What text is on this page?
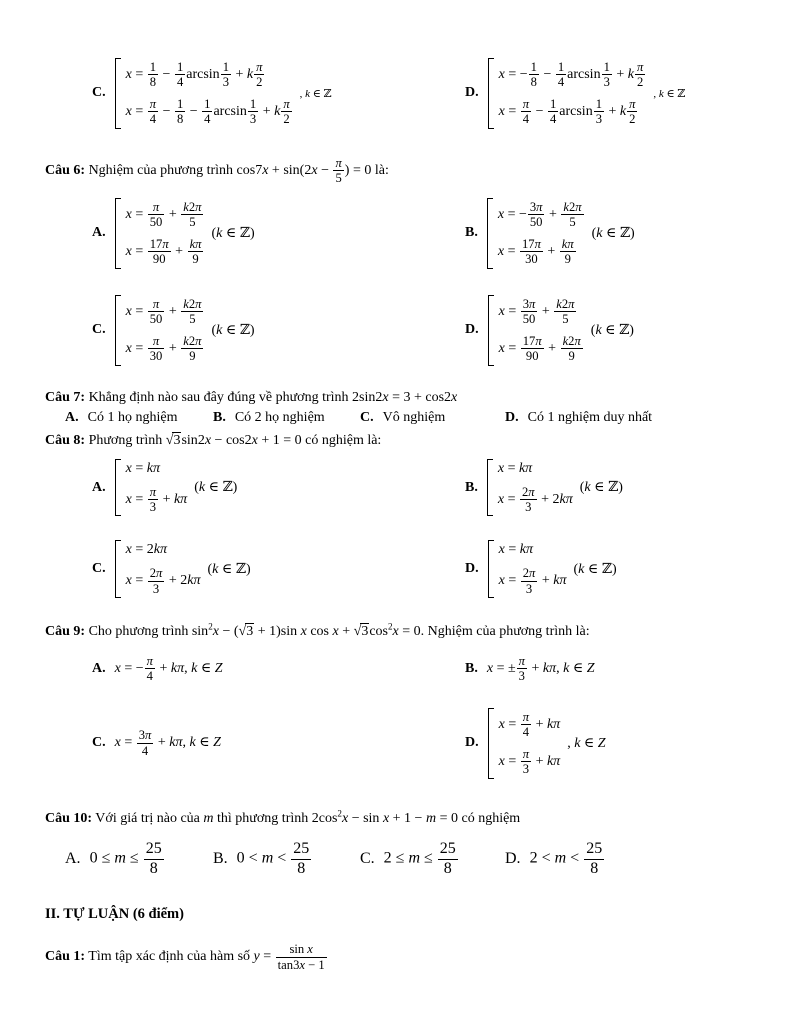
C.
$x = \frac{1}{8} - \frac{1}{4}$ $\arcsin \frac{1}{3} + k \frac{\pi}{2}$
$x = \frac{\pi}{4} - \frac{1}{8} - \frac{1}{4}$ $\arcsin \frac{1}{3} + k \frac{\pi}{2}$
, k ∈ ℤ	D.
x = − $\frac{1}{8} - \frac{1}{4}$ $\arcsin \frac{1}{3} + k \frac{\pi}{2}$
$x = \frac{\pi}{4} - \frac{1}{4}$ $\arcsin \frac{1}{3} + k \frac{\pi}{2}$
, k ∈ ℤ
Câu 6: Nghiệm của phương trình $\cos 7x + \sin(2x - \frac{\pi}{5}$ ) = 0 là:
A.
$x = \frac{\pi}{50} + \frac{k2\pi}{5}$
$x = \frac{17\pi}{90} + \frac{k\pi}{9}$
(k ∈ ℤ)	B.
x = − $\frac{3\pi}{50} + \frac{k2\pi}{5}$
$x = \frac{17\pi}{30} + \frac{k\pi}{9}$
(k ∈ ℤ)
C.
$x = \frac{\pi}{50} + \frac{k2\pi}{5}$
$x = \frac{\pi}{30} + \frac{k2\pi}{9}$
(k ∈ ℤ)	D.
$x = \frac{3\pi}{50} + \frac{k2\pi}{5}$
$x = \frac{17\pi}{90} + \frac{k2\pi}{9}$
(k ∈ ℤ)
Câu 7: Khẳng định nào sau đây đúng về phương trình 2sin2x = 3 + cos2x
A. Có 1 họ nghiệm	B. Có 2 họ nghiệm	C. Vô nghiệm	D. Có 1 nghiệm duy nhất
Câu 8: Phương trình √3sin2x − cos2x + 1 = 0 có nghiệm là:
A.
x = kπ
$x = \frac{\pi}{3} + k\pi$
(k ∈ ℤ)	B.
x = kπ
$x = \frac{2\pi}{3} + 2k\pi$
(k ∈ ℤ)
C.
x = 2kπ
$x = \frac{2\pi}{3} + 2k\pi$
(k ∈ ℤ)	D.
x = kπ
$x = \frac{2\pi}{3} + k\pi$
(k ∈ ℤ)
Câu 9: Cho phương trình $\sin^2x - (√3 + 1)\sin$ x $\cos x + √3\cos^2x = 0$. Nghiệm của phương trình là:
A. x = − $\frac{\pi}{4} + k\pi$, k ∈ Z	B. x = ± $\frac{\pi}{3} + k\pi$, k ∈ Z
C. $x = \frac{3\pi}{4} + k\pi$, k ∈ Z	D.
$x = \frac{\pi}{4} + k\pi$
$x = \frac{\pi}{3} + k\pi$
, k ∈ Z
Câu 10: Với giá trị nào của m thì phương trình $2\cos^2x - \sin x + 1 - m = 0$ có nghiệm
A. $0 \le m \le \frac{25}{8}$	B. $0 < m < \frac{25}{8}$	C. $2 \le m \le \frac{25}{8}$	D. $2 < m < \frac{25}{8}$
II. TỰ LUẬN (6 điểm)
Câu 1: Tìm tập xác định của hàm số $y = \frac{\text{sin x}}{\tan 3x - 1}$
